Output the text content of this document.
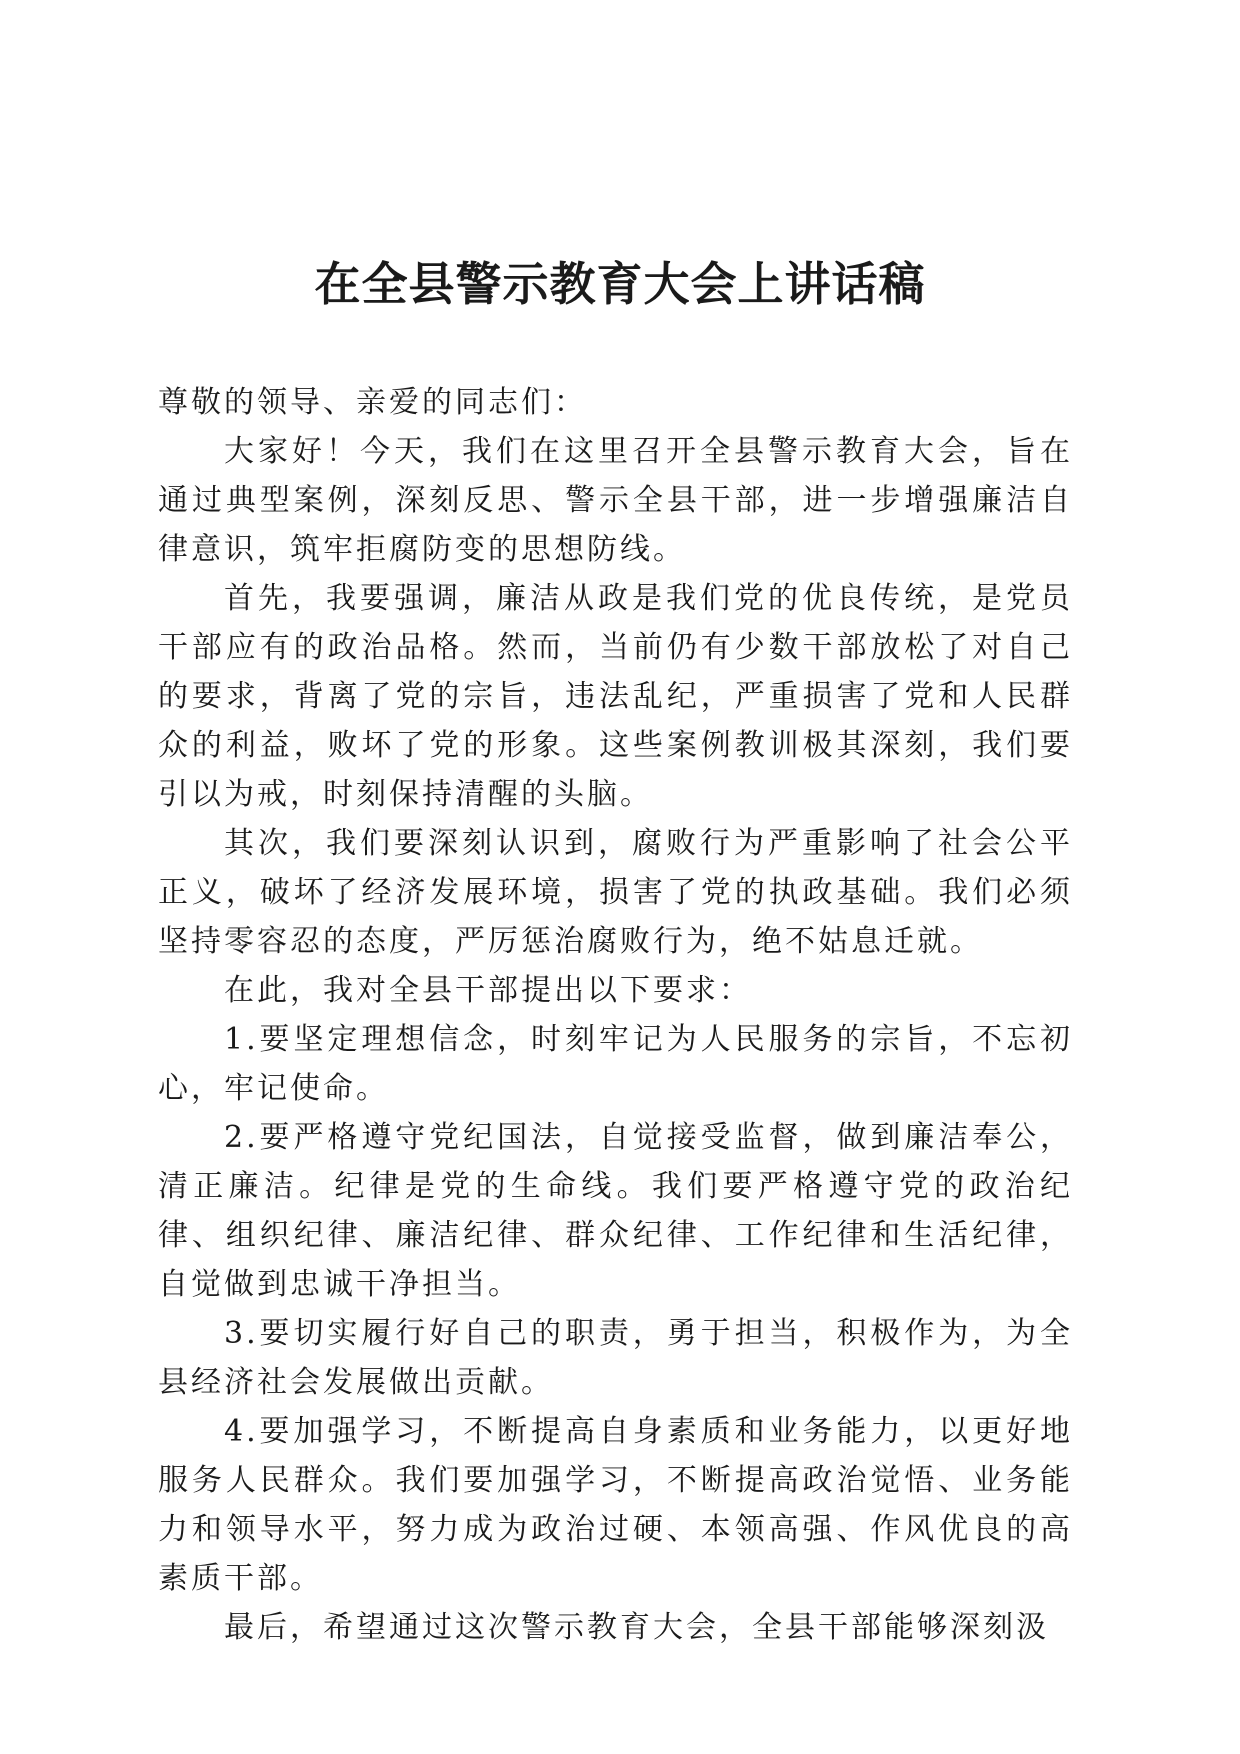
在全县警示教育大会上讲话稿

尊敬的领导、亲爱的同志们：

大家好！今天，我们在这里召开全县警示教育大会，旨在通过典型案例，深刻反思、警示全县干部，进一步增强廉洁自律意识，筑牢拒腐防变的思想防线。

首先，我要强调，廉洁从政是我们党的优良传统，是党员干部应有的政治品格。然而，当前仍有少数干部放松了对自己的要求，背离了党的宗旨，违法乱纪，严重损害了党和人民群众的利益，败坏了党的形象。这些案例教训极其深刻，我们要引以为戒，时刻保持清醒的头脑。

其次，我们要深刻认识到，腐败行为严重影响了社会公平正义，破坏了经济发展环境，损害了党的执政基础。我们必须坚持零容忍的态度，严厉惩治腐败行为，绝不姑息迁就。

在此，我对全县干部提出以下要求：

1.要坚定理想信念，时刻牢记为人民服务的宗旨，不忘初心，牢记使命。

2.要严格遵守党纪国法，自觉接受监督，做到廉洁奉公，清正廉洁。纪律是党的生命线。我们要严格遵守党的政治纪律、组织纪律、廉洁纪律、群众纪律、工作纪律和生活纪律，自觉做到忠诚干净担当。

3.要切实履行好自己的职责，勇于担当，积极作为，为全县经济社会发展做出贡献。

4.要加强学习，不断提高自身素质和业务能力，以更好地服务人民群众。我们要加强学习，不断提高政治觉悟、业务能力和领导水平，努力成为政治过硬、本领高强、作风优良的高素质干部。

最后，希望通过这次警示教育大会，全县干部能够深刻汲
